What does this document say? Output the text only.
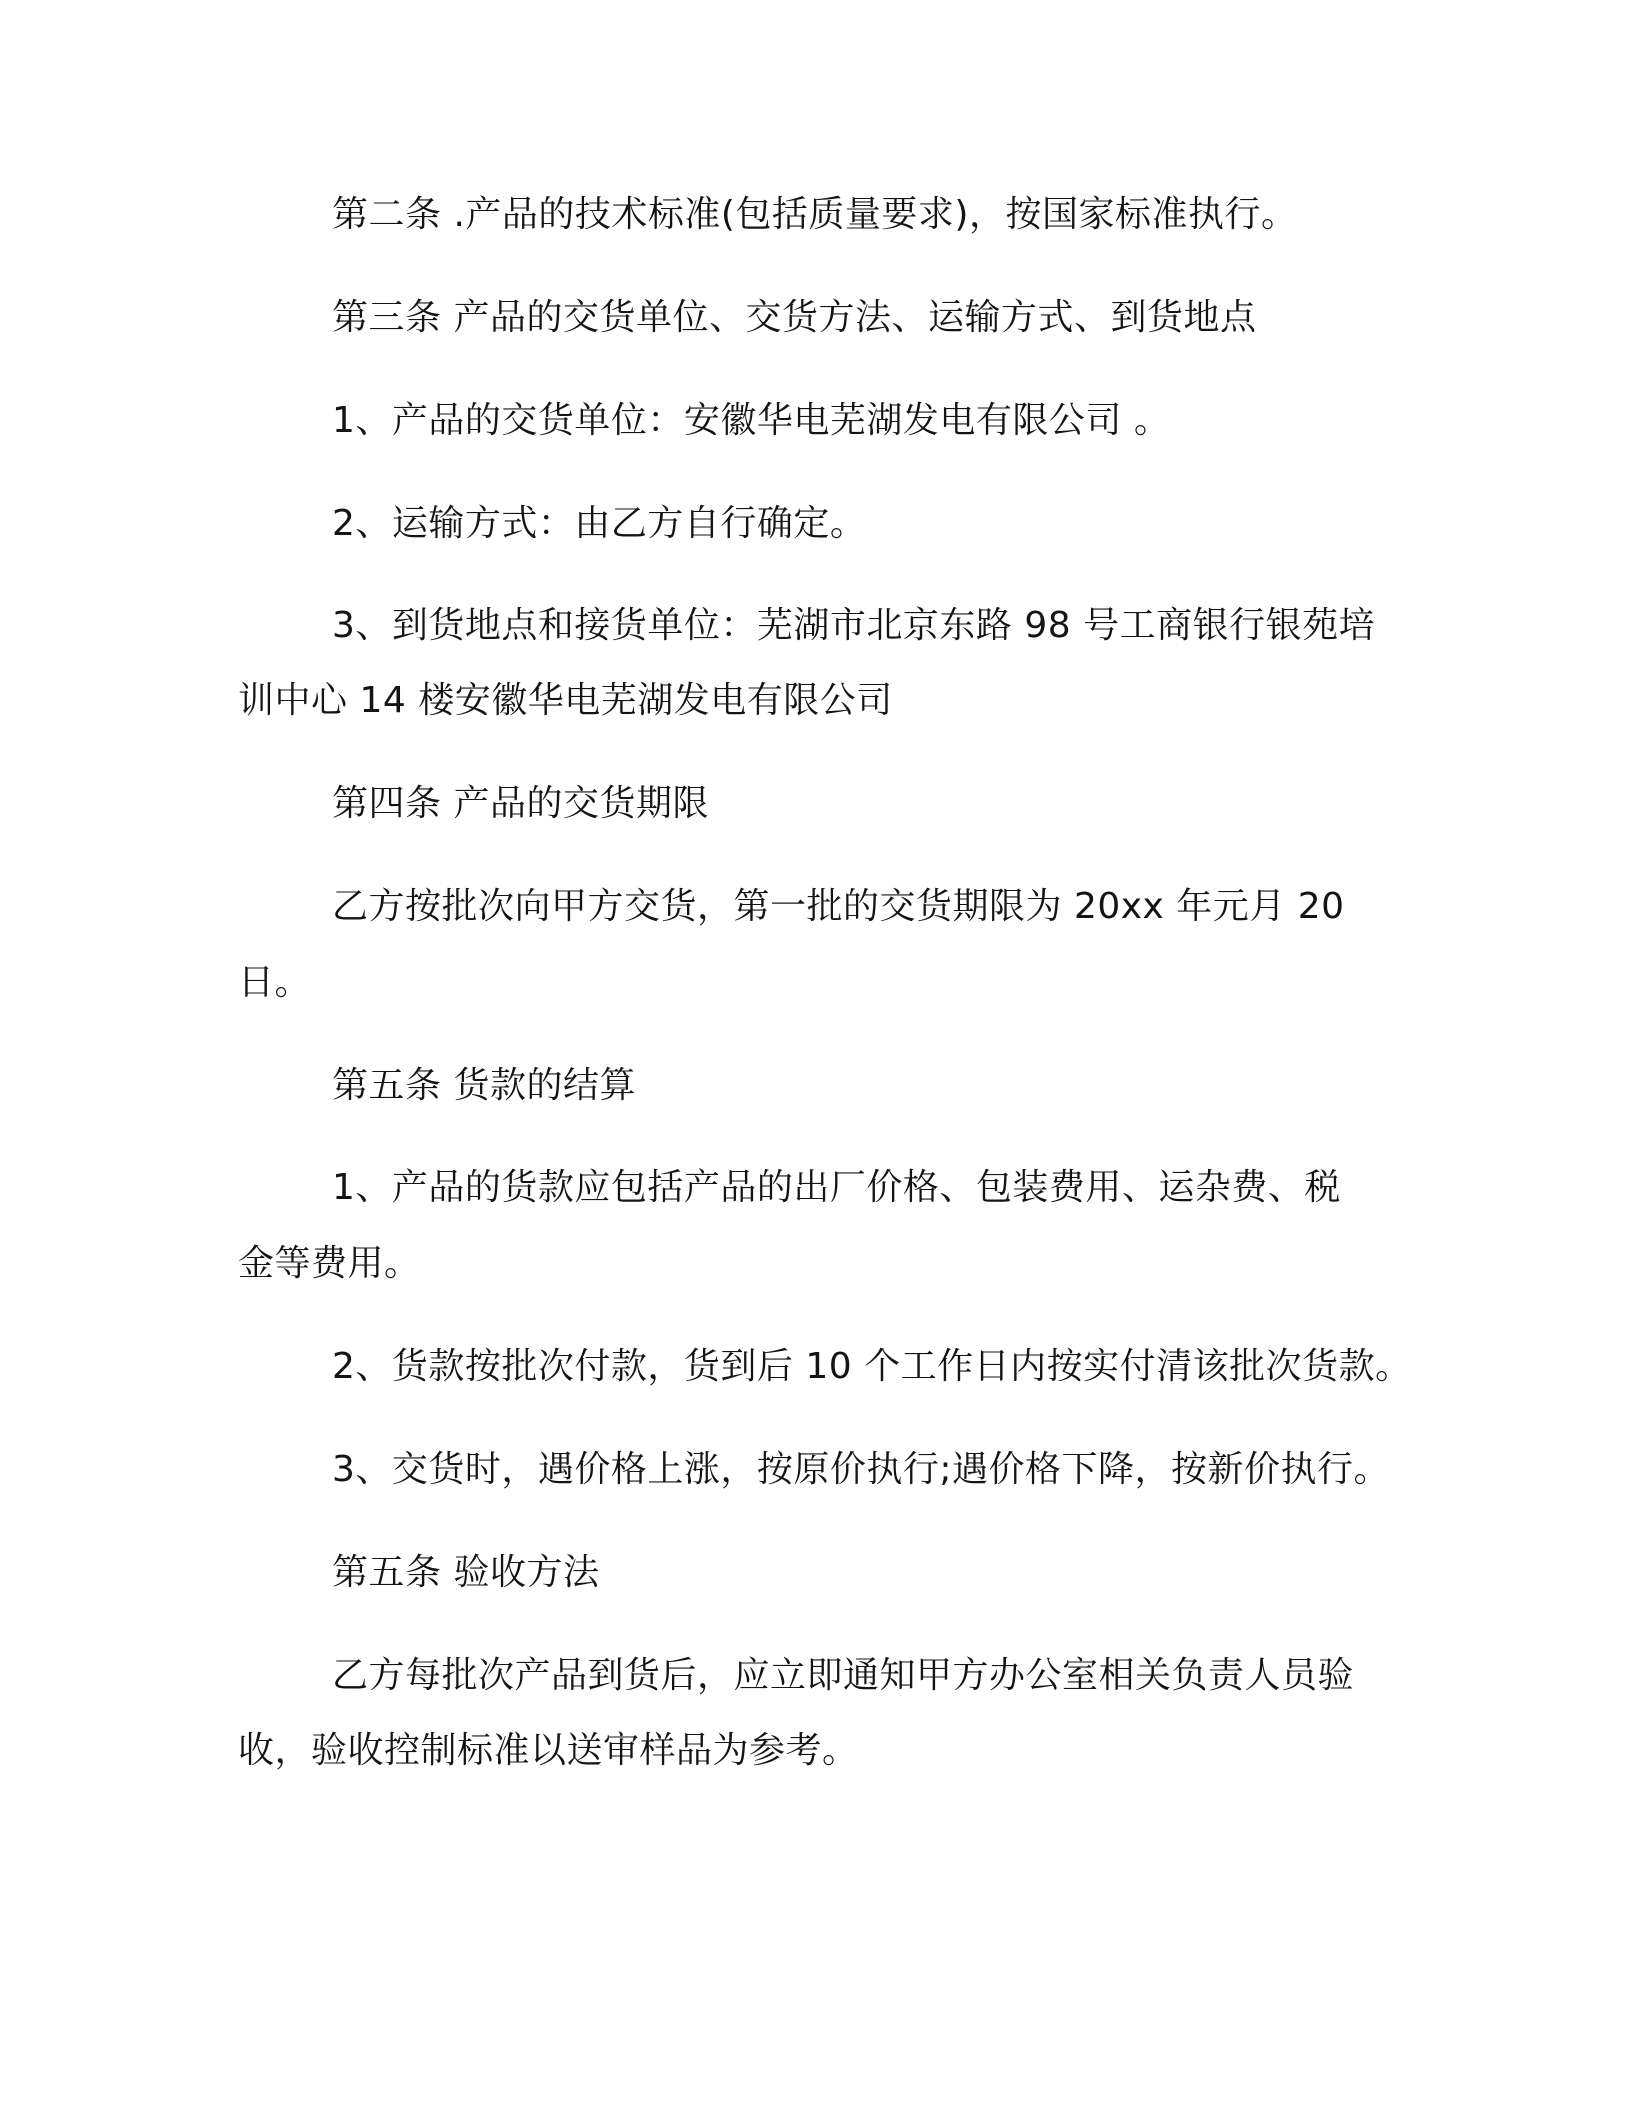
第二条 .产品的技术标准(包括质量要求)，按国家标准执行。

第三条 产品的交货单位、交货方法、运输方式、到货地点

1、产品的交货单位：安徽华电芜湖发电有限公司 。

2、运输方式：由乙方自行确定。

3、到货地点和接货单位：芜湖市北京东路 98 号工商银行银苑培

训中心 14 楼安徽华电芜湖发电有限公司

第四条 产品的交货期限

乙方按批次向甲方交货，第一批的交货期限为 20xx 年元月 20

日。

第五条 货款的结算

1、产品的货款应包括产品的出厂价格、包装费用、运杂费、税

金等费用。

2、货款按批次付款，货到后 10 个工作日内按实付清该批次货款。

3、交货时，遇价格上涨，按原价执行;遇价格下降，按新价执行。

第五条 验收方法

乙方每批次产品到货后，应立即通知甲方办公室相关负责人员验

收，验收控制标准以送审样品为参考。
